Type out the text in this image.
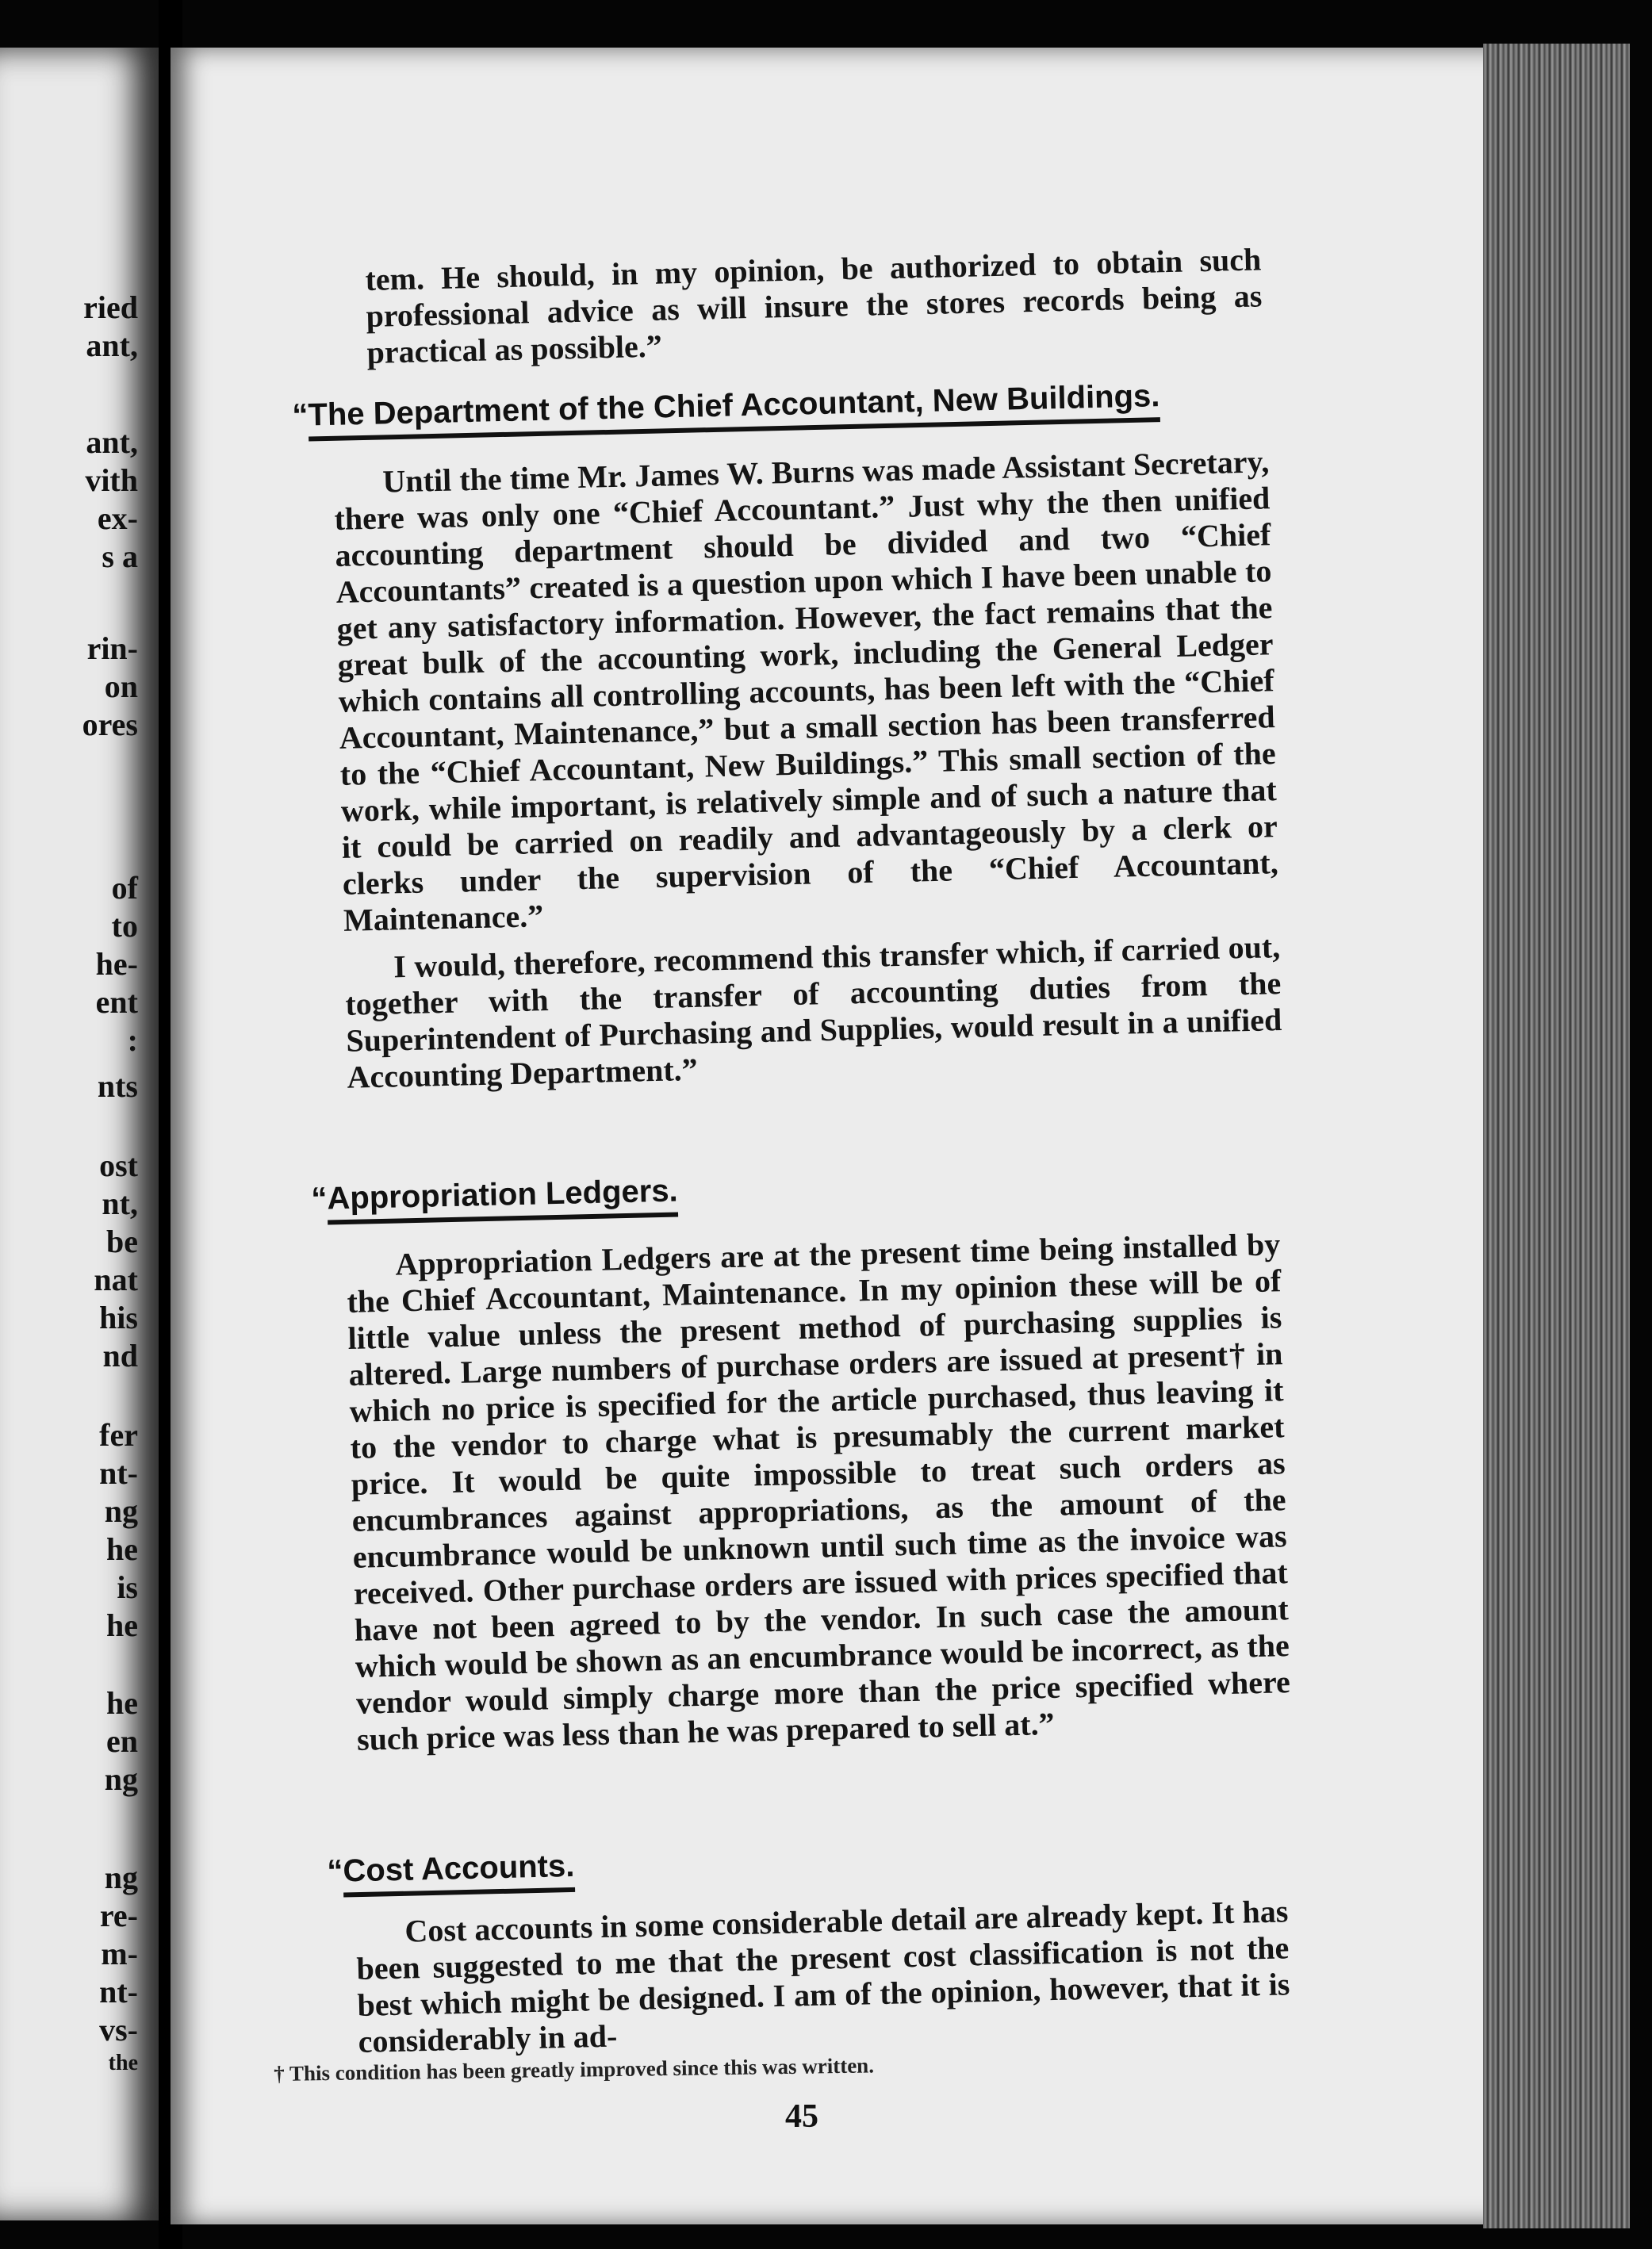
ried
ant,
ant,
vith
ex-
s a
rin-
on
ores
of
to
he-
ent
:
nts
ost
nt,
be
nat
his
nd
fer
nt-
ng
he
is
he
he
en
ng
ng
re-
m-
nt-
vs-
the

tem. He should, in my opinion, be authorized to obtain such professional advice as will insure the stores records being as practical as possible.”

“The Department of the Chief Accountant, New Buildings.

Until the time Mr. James W. Burns was made Assistant Secretary, there was only one “Chief Accountant.” Just why the then unified accounting department should be divided and two “Chief Accountants” created is a question upon which I have been unable to get any satisfactory information. However, the fact remains that the great bulk of the accounting work, including the General Ledger which contains all controlling accounts, has been left with the “Chief Accountant, Maintenance,” but a small section has been transferred to the “Chief Accountant, New Buildings.” This small section of the work, while important, is relatively simple and of such a nature that it could be carried on readily and advantageously by a clerk or clerks under the supervision of the “Chief Accountant, Maintenance.”

I would, therefore, recommend this transfer which, if carried out, together with the transfer of accounting duties from the Superintendent of Purchasing and Supplies, would result in a unified Accounting Department.”

“Appropriation Ledgers.

Appropriation Ledgers are at the present time being installed by the Chief Accountant, Maintenance. In my opinion these will be of little value unless the present method of purchasing supplies is altered. Large numbers of purchase orders are issued at present† in which no price is specified for the article purchased, thus leaving it to the vendor to charge what is presumably the current market price. It would be quite impossible to treat such orders as encumbrances against appropriations, as the amount of the encumbrance would be unknown until such time as the invoice was received. Other purchase orders are issued with prices specified that have not been agreed to by the vendor. In such case the amount which would be shown as an encumbrance would be incorrect, as the vendor would simply charge more than the price specified where such price was less than he was prepared to sell at.”

“Cost Accounts.

Cost accounts in some considerable detail are already kept. It has been suggested to me that the present cost classification is not the best which might be designed. I am of the opinion, however, that it is considerably in ad-

† This condition has been greatly improved since this was written.
45
